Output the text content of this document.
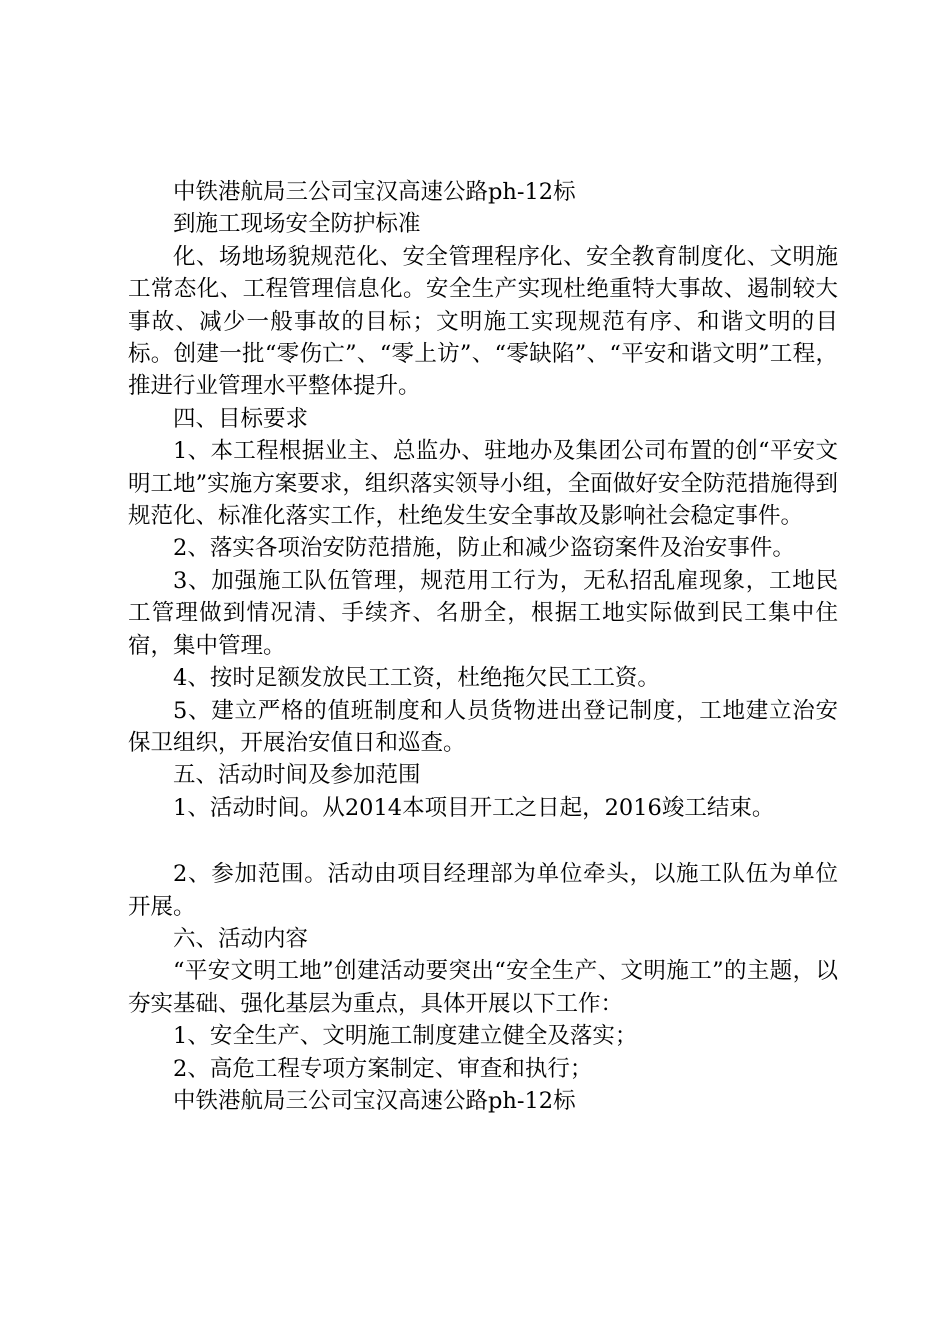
中铁港航局三公司宝汉高速公路ph-12标

到施工现场安全防护标准

化、场地场貌规范化、安全管理程序化、安全教育制度化、文明施工常态化、工程管理信息化。安全生产实现杜绝重特大事故、遏制较大事故、减少一般事故的目标；文明施工实现规范有序、和谐文明的目标。创建一批“零伤亡”、“零上访”、“零缺陷”、“平安和谐文明”工程，推进行业管理水平整体提升。

四、目标要求

1、本工程根据业主、总监办、驻地办及集团公司布置的创“平安文明工地”实施方案要求，组织落实领导小组，全面做好安全防范措施得到规范化、标准化落实工作，杜绝发生安全事故及影响社会稳定事件。

2、落实各项治安防范措施，防止和减少盗窃案件及治安事件。

3、加强施工队伍管理，规范用工行为，无私招乱雇现象，工地民工管理做到情况清、手续齐、名册全，根据工地实际做到民工集中住宿，集中管理。

4、按时足额发放民工工资，杜绝拖欠民工工资。

5、建立严格的值班制度和人员货物进出登记制度，工地建立治安保卫组织，开展治安值日和巡查。

五、活动时间及参加范围

1、活动时间。从2014本项目开工之日起，2016竣工结束。

2、参加范围。活动由项目经理部为单位牵头，以施工队伍为单位开展。

六、活动内容

“平安文明工地”创建活动要突出“安全生产、文明施工”的主题，以夯实基础、强化基层为重点，具体开展以下工作：

1、安全生产、文明施工制度建立健全及落实；

2、高危工程专项方案制定、审查和执行；

中铁港航局三公司宝汉高速公路ph-12标
